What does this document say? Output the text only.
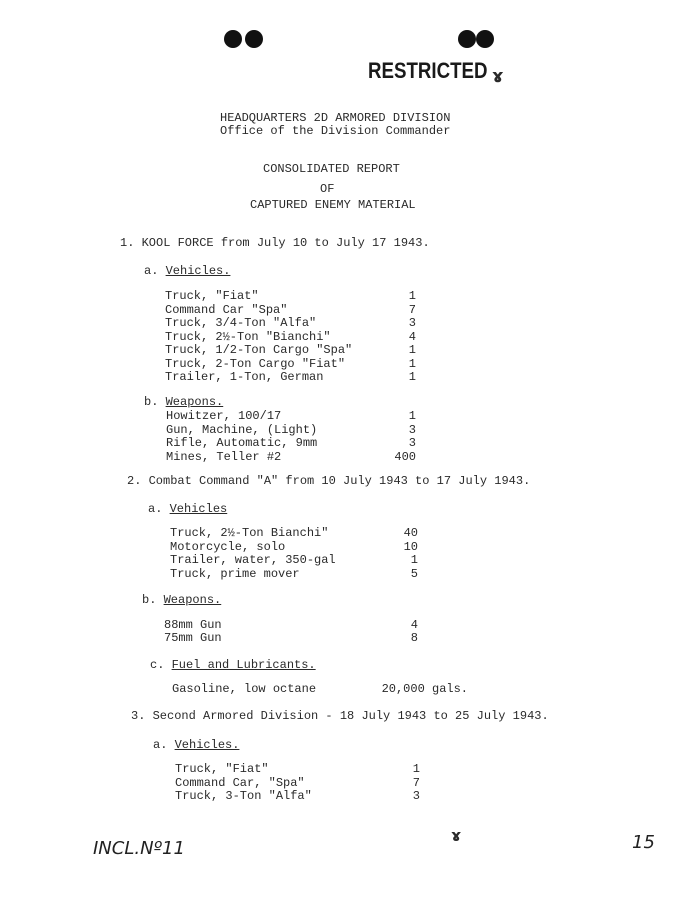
RESTRICTED ɤ
HEADQUARTERS 2D ARMORED DIVISION
Office of the Division Commander
CONSOLIDATED REPORT
OF
CAPTURED ENEMY MATERIAL
1. KOOL FORCE from July 10 to July 17 1943.
a. Vehicles.
Truck, "Fiat"	1
Command Car "Spa"	7
Truck, 3/4-Ton "Alfa"	3
Truck, 2½-Ton "Bianchi"	4
Truck, 1/2-Ton Cargo "Spa"	1
Truck, 2-Ton Cargo "Fiat"	1
Trailer, 1-Ton, German	1
b. Weapons.
Howitzer, 100/17	1
Gun, Machine, (Light)	3
Rifle, Automatic, 9mm	3
Mines, Teller #2	400
2. Combat Command "A" from 10 July 1943 to 17 July 1943.
a. Vehicles
Truck, 2½-Ton Bianchi"	40
Motorcycle, solo	10
Trailer, water, 350-gal	1
Truck, prime mover	5
b. Weapons.
88mm Gun	4
75mm Gun	8
c. Fuel and Lubricants.
Gasoline, low octane	20,000 gals.
3. Second Armored Division - 18 July 1943 to 25 July 1943.
a. Vehicles.
Truck, "Fiat"	1
Command Car, "Spa"	7
Truck, 3-Ton "Alfa"	3
ɤ
INCL.Nº11	15
